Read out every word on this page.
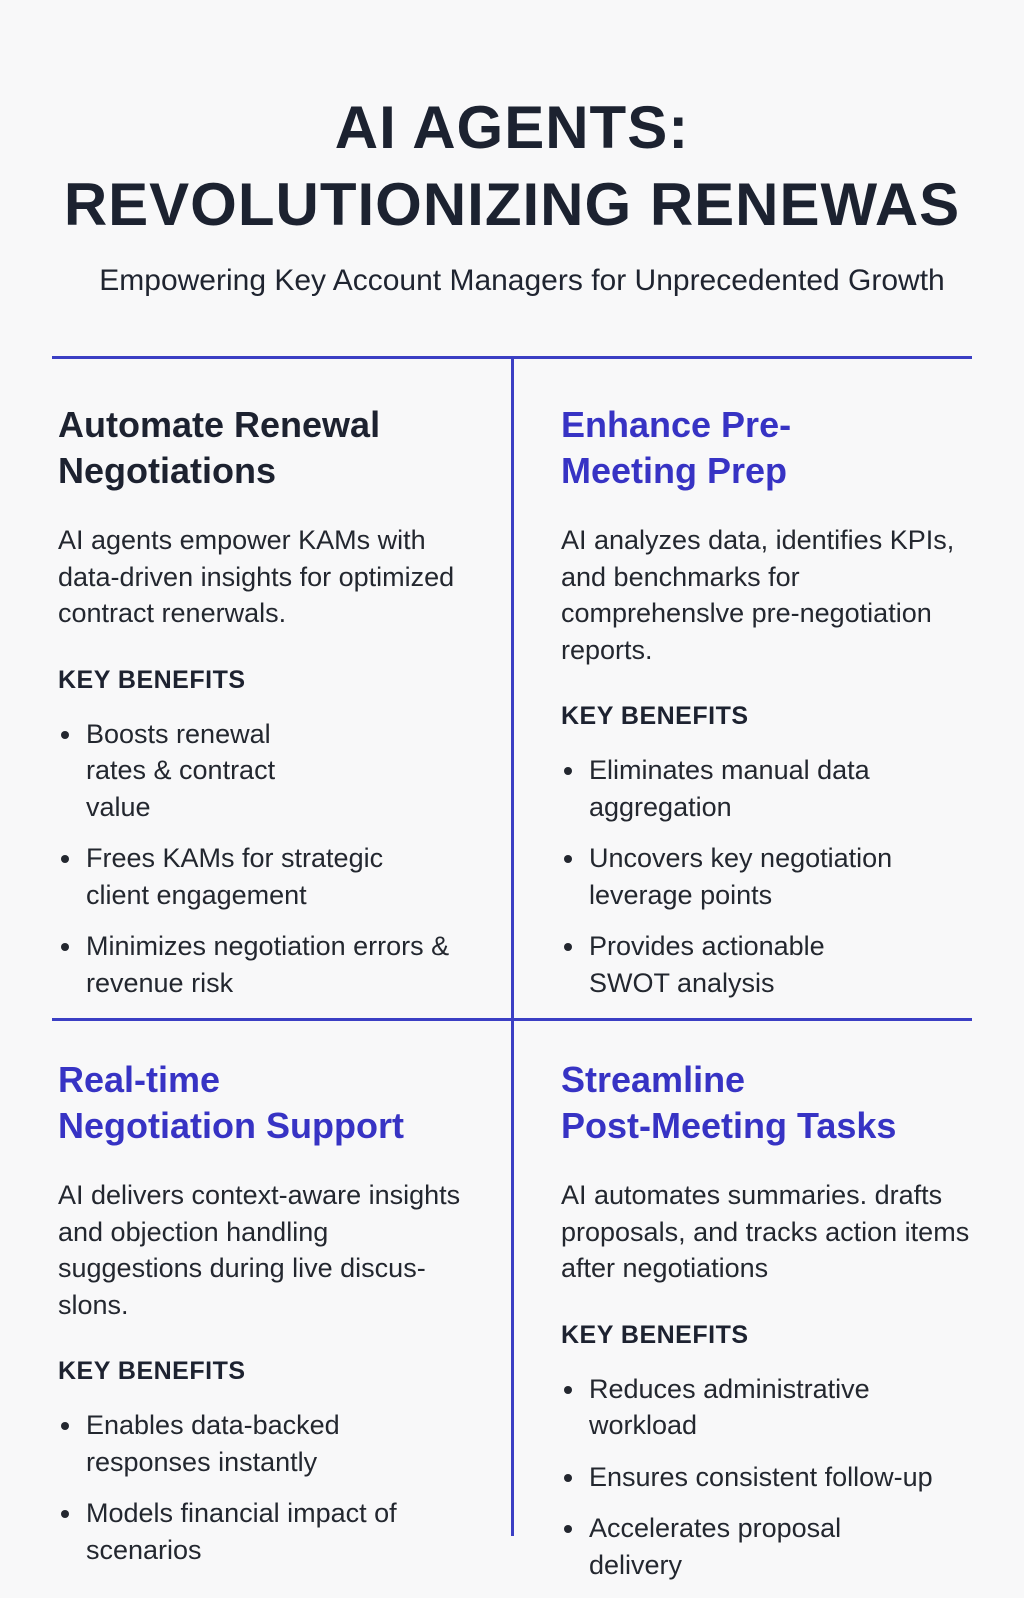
AI AGENTS:
REVOLUTIONIZING RENEWAS

Empowering Key Account Managers for Unprecedented Growth

Automate Renewal
Negotiations

AI agents empower KAMs with data-driven insights for optimized contract renerwals.

KEY BENEFITS
Boosts renewal rates & contract value
Frees KAMs for strategic client engagement
Minimizes negotiation errors & revenue risk
Enhance Pre-
Meeting Prep

AI analyzes data, identifies KPIs, and benchmarks for comprehenslve pre-negotiation reports.

KEY BENEFITS
Eliminates manual data aggregation
Uncovers key negotiation leverage points
Provides actionable SWOT analysis
Real-time
Negotiation Support

AI delivers context-aware insights and objection handling suggestions during live discus-slons.

KEY BENEFITS
Enables data-backed responses instantly
Models financial impact of scenarios
Streamline
Post-Meeting Tasks

AI automates summaries. drafts proposals, and tracks action items after negotiations

KEY BENEFITS
Reduces administrative workload
Ensures consistent follow-up
Accelerates proposal delivery
